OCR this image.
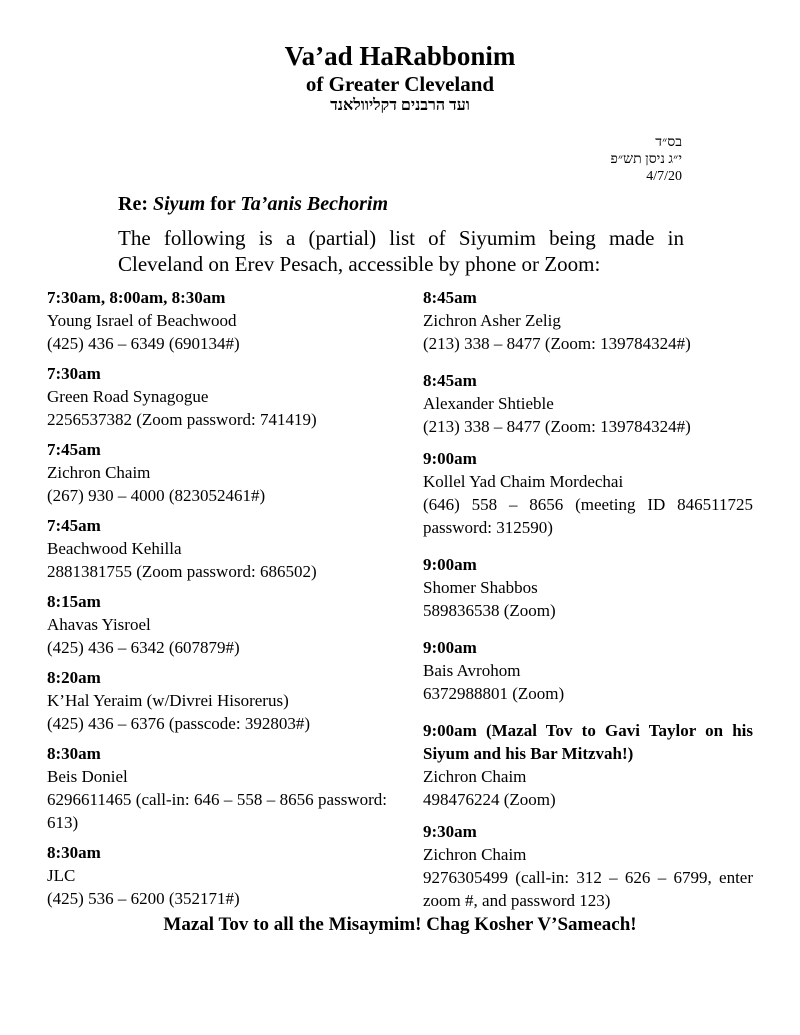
Va’ad HaRabbonim
of Greater Cleveland
ועד הרבנים דקליוולאנד
בס״ד
י״ג ניסן תש״פ
4/7/20
Re: Siyum for Ta’anis Bechorim
The following is a (partial) list of Siyumim being made in Cleveland on Erev Pesach, accessible by phone or Zoom:
7:30am, 8:00am, 8:30am
Young Israel of Beachwood
(425) 436 – 6349 (690134#)
7:30am
Green Road Synagogue
2256537382 (Zoom password: 741419)
7:45am
Zichron Chaim
(267) 930 – 4000 (823052461#)
7:45am
Beachwood Kehilla
2881381755 (Zoom password: 686502)
8:15am
Ahavas Yisroel
(425) 436 – 6342 (607879#)
8:20am
K’Hal Yeraim (w/Divrei Hisorerus)
(425) 436 – 6376 (passcode: 392803#)
8:30am
Beis Doniel
6296611465 (call-in: 646 – 558 – 8656 password: 613)
8:30am
JLC
(425) 536 – 6200 (352171#)
8:45am
Zichron Asher Zelig
(213) 338 – 8477 (Zoom: 139784324#)
8:45am
Alexander Shtieble
(213) 338 – 8477 (Zoom: 139784324#)
9:00am
Kollel Yad Chaim Mordechai
(646) 558 – 8656 (meeting ID 846511725 password: 312590)
9:00am
Shomer Shabbos
589836538 (Zoom)
9:00am
Bais Avrohom
6372988801 (Zoom)
9:00am (Mazal Tov to Gavi Taylor on his Siyum and his Bar Mitzvah!)
Zichron Chaim
498476224 (Zoom)
9:30am
Zichron Chaim
9276305499 (call-in: 312 – 626 – 6799, enter zoom #, and password 123)
Mazal Tov to all the Misaymim! Chag Kosher V’Sameach!
